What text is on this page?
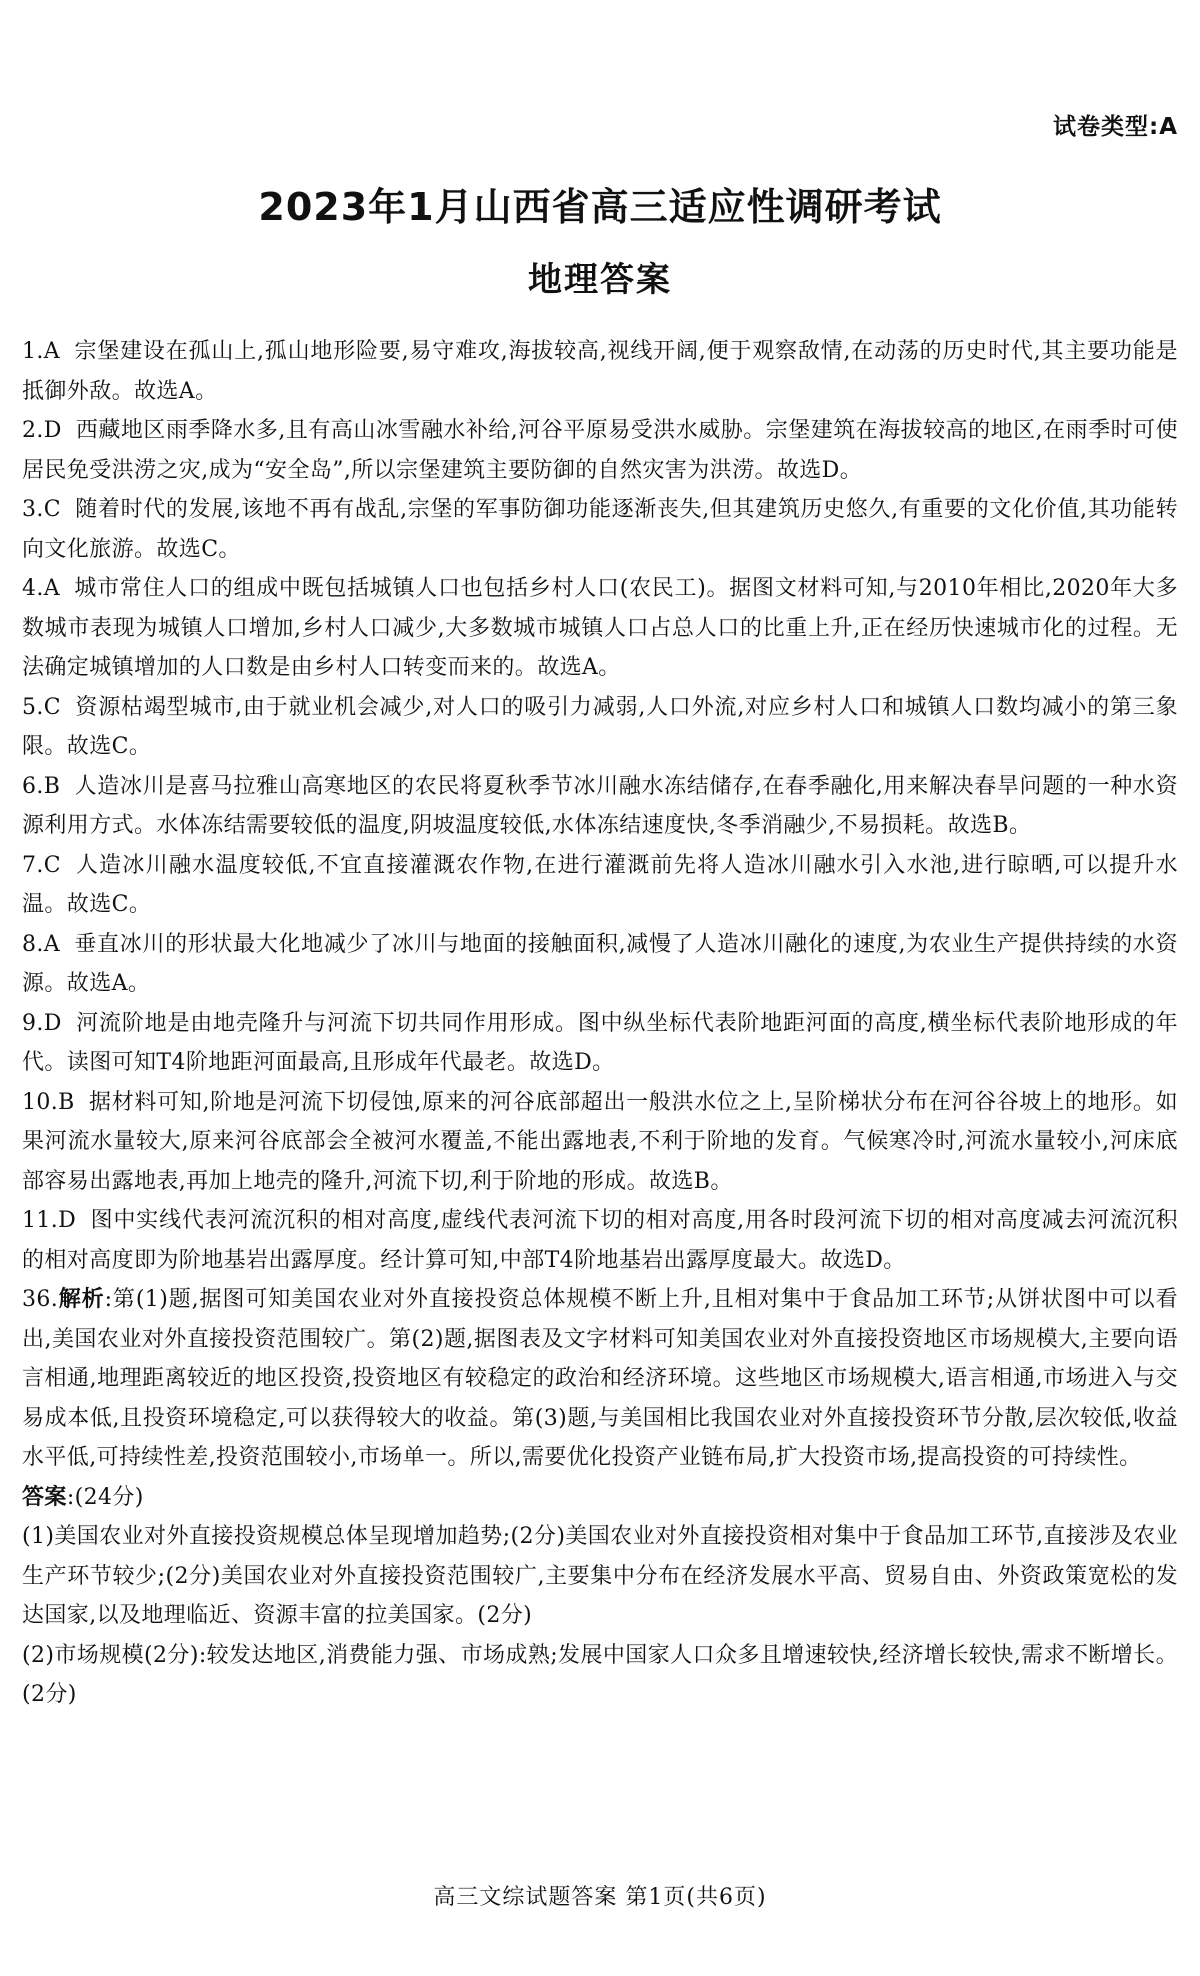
试卷类型:A
2023年1月山西省高三适应性调研考试
地理答案

1.A 宗堡建设在孤山上,孤山地形险要,易守难攻,海拔较高,视线开阔,便于观察敌情,在动荡的历史时代,其主要功能是抵御外敌。故选A。

2.D 西藏地区雨季降水多,且有高山冰雪融水补给,河谷平原易受洪水威胁。宗堡建筑在海拔较高的地区,在雨季时可使居民免受洪涝之灾,成为“安全岛”,所以宗堡建筑主要防御的自然灾害为洪涝。故选D。

3.C 随着时代的发展,该地不再有战乱,宗堡的军事防御功能逐渐丧失,但其建筑历史悠久,有重要的文化价值,其功能转向文化旅游。故选C。

4.A 城市常住人口的组成中既包括城镇人口也包括乡村人口(农民工)。据图文材料可知,与2010年相比,2020年大多数城市表现为城镇人口增加,乡村人口减少,大多数城市城镇人口占总人口的比重上升,正在经历快速城市化的过程。无法确定城镇增加的人口数是由乡村人口转变而来的。故选A。

5.C 资源枯竭型城市,由于就业机会减少,对人口的吸引力减弱,人口外流,对应乡村人口和城镇人口数均减小的第三象限。故选C。

6.B 人造冰川是喜马拉雅山高寒地区的农民将夏秋季节冰川融水冻结储存,在春季融化,用来解决春旱问题的一种水资源利用方式。水体冻结需要较低的温度,阴坡温度较低,水体冻结速度快,冬季消融少,不易损耗。故选B。

7.C 人造冰川融水温度较低,不宜直接灌溉农作物,在进行灌溉前先将人造冰川融水引入水池,进行晾晒,可以提升水温。故选C。

8.A 垂直冰川的形状最大化地减少了冰川与地面的接触面积,减慢了人造冰川融化的速度,为农业生产提供持续的水资源。故选A。

9.D 河流阶地是由地壳隆升与河流下切共同作用形成。图中纵坐标代表阶地距河面的高度,横坐标代表阶地形成的年代。读图可知T4阶地距河面最高,且形成年代最老。故选D。

10.B 据材料可知,阶地是河流下切侵蚀,原来的河谷底部超出一般洪水位之上,呈阶梯状分布在河谷谷坡上的地形。如果河流水量较大,原来河谷底部会全被河水覆盖,不能出露地表,不利于阶地的发育。气候寒冷时,河流水量较小,河床底部容易出露地表,再加上地壳的隆升,河流下切,利于阶地的形成。故选B。

11.D 图中实线代表河流沉积的相对高度,虚线代表河流下切的相对高度,用各时段河流下切的相对高度减去河流沉积的相对高度即为阶地基岩出露厚度。经计算可知,中部T4阶地基岩出露厚度最大。故选D。

36.解析:第(1)题,据图可知美国农业对外直接投资总体规模不断上升,且相对集中于食品加工环节;从饼状图中可以看出,美国农业对外直接投资范围较广。第(2)题,据图表及文字材料可知美国农业对外直接投资地区市场规模大,主要向语言相通,地理距离较近的地区投资,投资地区有较稳定的政治和经济环境。这些地区市场规模大,语言相通,市场进入与交易成本低,且投资环境稳定,可以获得较大的收益。第(3)题,与美国相比我国农业对外直接投资环节分散,层次较低,收益水平低,可持续性差,投资范围较小,市场单一。所以,需要优化投资产业链布局,扩大投资市场,提高投资的可持续性。

答案:(24分)

(1)美国农业对外直接投资规模总体呈现增加趋势;(2分)美国农业对外直接投资相对集中于食品加工环节,直接涉及农业生产环节较少;(2分)美国农业对外直接投资范围较广,主要集中分布在经济发展水平高、贸易自由、外资政策宽松的发达国家,以及地理临近、资源丰富的拉美国家。(2分)

(2)市场规模(2分):较发达地区,消费能力强、市场成熟;发展中国家人口众多且增速较快,经济增长较快,需求不断增长。(2分)

高三文综试题答案 第1页(共6页)
